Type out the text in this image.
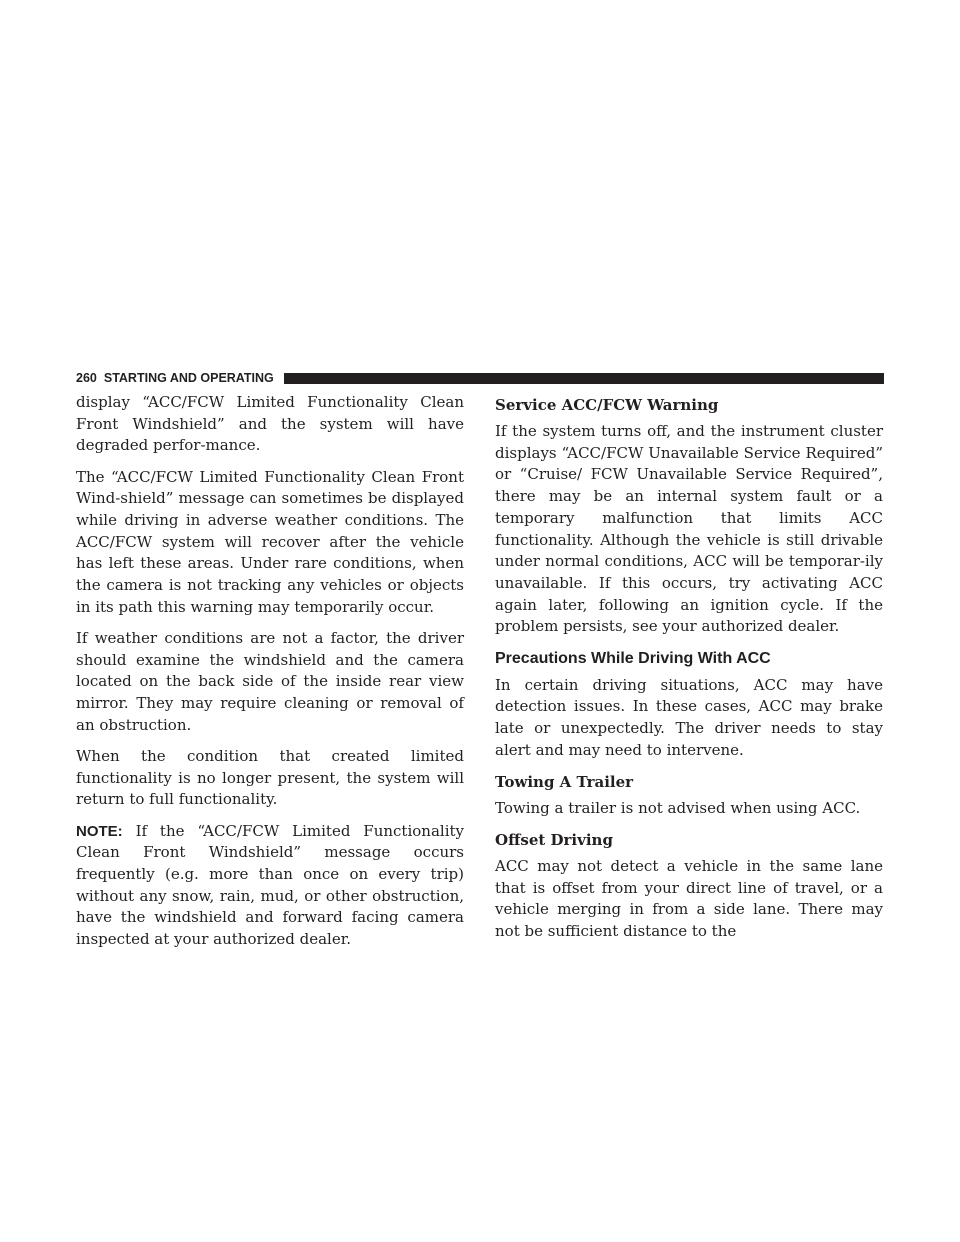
260 STARTING AND OPERATING

display “ACC/FCW Limited Functionality Clean Front Windshield” and the system will have degraded perfor-mance.

The “ACC/FCW Limited Functionality Clean Front Wind-shield” message can sometimes be displayed while driving in adverse weather conditions. The ACC/FCW system will recover after the vehicle has left these areas. Under rare conditions, when the camera is not tracking any vehicles or objects in its path this warning may temporarily occur.

If weather conditions are not a factor, the driver should examine the windshield and the camera located on the back side of the inside rear view mirror. They may require cleaning or removal of an obstruction.

When the condition that created limited functionality is no longer present, the system will return to full functionality.

NOTE: If the “ACC/FCW Limited Functionality Clean Front Windshield” message occurs frequently (e.g. more than once on every trip) without any snow, rain, mud, or other obstruction, have the windshield and forward facing camera inspected at your authorized dealer.

Service ACC/FCW Warning

If the system turns off, and the instrument cluster displays “ACC/FCW Unavailable Service Required” or “Cruise/ FCW Unavailable Service Required”, there may be an internal system fault or a temporary malfunction that limits ACC functionality. Although the vehicle is still drivable under normal conditions, ACC will be temporar-ily unavailable. If this occurs, try activating ACC again later, following an ignition cycle. If the problem persists, see your authorized dealer.

Precautions While Driving With ACC

In certain driving situations, ACC may have detection issues. In these cases, ACC may brake late or unexpectedly. The driver needs to stay alert and may need to intervene.

Towing A Trailer

Towing a trailer is not advised when using ACC.

Offset Driving

ACC may not detect a vehicle in the same lane that is offset from your direct line of travel, or a vehicle merging in from a side lane. There may not be sufficient distance to the
